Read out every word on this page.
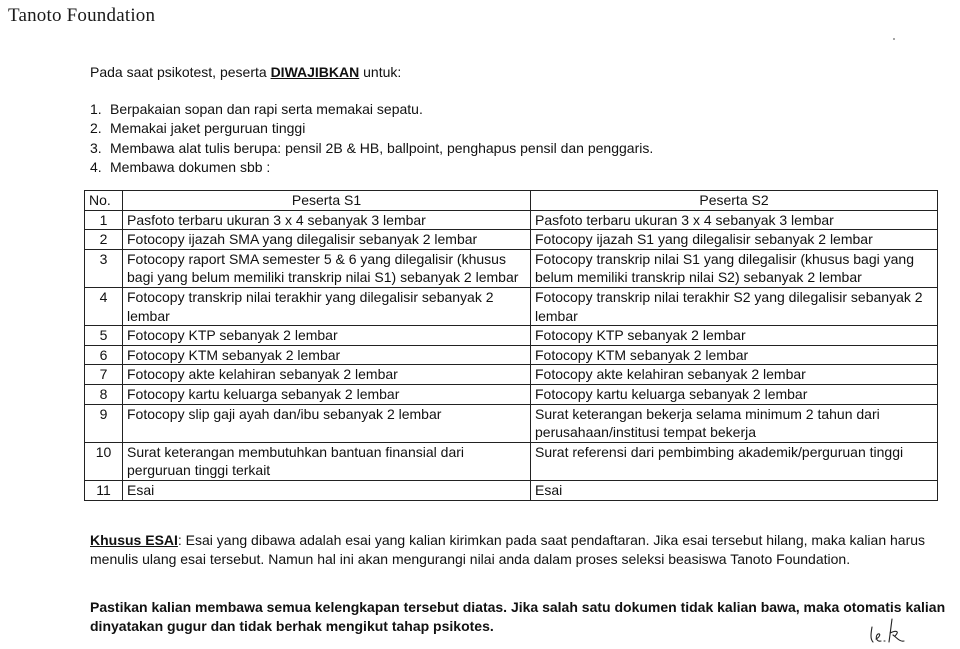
Tanoto Foundation
Pada saat psikotest, peserta DIWAJIBKAN untuk:
1. Berpakaian sopan dan rapi serta memakai sepatu.
2. Memakai jaket perguruan tinggi
3. Membawa alat tulis berupa: pensil 2B & HB, ballpoint, penghapus pensil dan penggaris.
4. Membawa dokumen sbb :
No.	Peserta S1	Peserta S2
1	Pasfoto terbaru ukuran 3 x 4 sebanyak 3 lembar	Pasfoto terbaru ukuran 3 x 4 sebanyak 3 lembar
2	Fotocopy ijazah SMA yang dilegalisir sebanyak 2 lembar	Fotocopy ijazah S1 yang dilegalisir sebanyak 2 lembar
3	Fotocopy raport SMA semester 5 & 6 yang dilegalisir (khusus bagi yang belum memiliki transkrip nilai S1) sebanyak 2 lembar	Fotocopy transkrip nilai S1 yang dilegalisir (khusus bagi yang belum memiliki transkrip nilai S2) sebanyak 2 lembar
4	Fotocopy transkrip nilai terakhir yang dilegalisir sebanyak 2 lembar	Fotocopy transkrip nilai terakhir S2 yang dilegalisir sebanyak 2 lembar
5	Fotocopy KTP sebanyak 2 lembar	Fotocopy KTP sebanyak 2 lembar
6	Fotocopy KTM sebanyak 2 lembar	Fotocopy KTM sebanyak 2 lembar
7	Fotocopy akte kelahiran sebanyak 2 lembar	Fotocopy akte kelahiran sebanyak 2 lembar
8	Fotocopy kartu keluarga sebanyak 2 lembar	Fotocopy kartu keluarga sebanyak 2 lembar
9	Fotocopy slip gaji ayah dan/ibu sebanyak 2 lembar	Surat keterangan bekerja selama minimum 2 tahun dari perusahaan/institusi tempat bekerja
10	Surat keterangan membutuhkan bantuan finansial dari perguruan tinggi terkait	Surat referensi dari pembimbing akademik/perguruan tinggi
11	Esai	Esai
Khusus ESAI: Esai yang dibawa adalah esai yang kalian kirimkan pada saat pendaftaran. Jika esai tersebut hilang, maka kalian harus menulis ulang esai tersebut. Namun hal ini akan mengurangi nilai anda dalam proses seleksi beasiswa Tanoto Foundation.
Pastikan kalian membawa semua kelengkapan tersebut diatas. Jika salah satu dokumen tidak kalian bawa, maka otomatis kalian dinyatakan gugur dan tidak berhak mengikut tahap psikotes.
